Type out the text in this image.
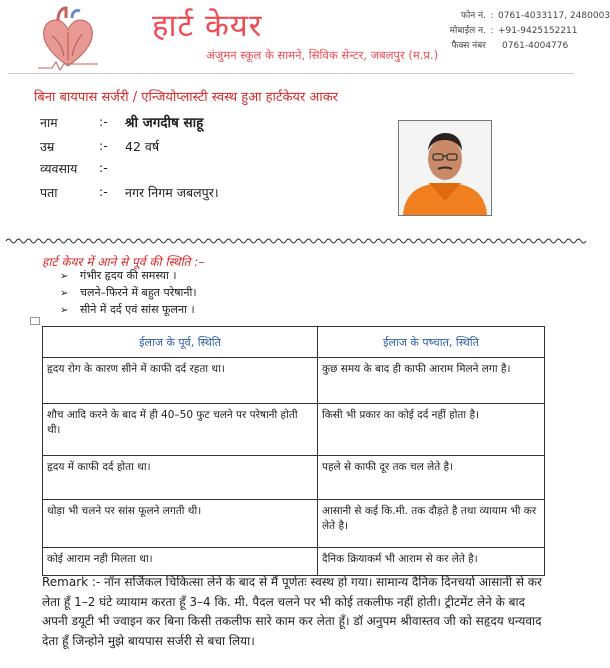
हार्ट केयर
अंजुमन स्कूल के सामने, सिविक सेन्टर, जबलपुर (म.प्र.)
फोन नं. : 0761-4033117, 2480003
मोबाईल न. : +91-9425152211
फैक्स नंबर 0761-4004776
बिना बायपास सर्जरी / एन्जियोप्लास्टी स्वस्थ हुआ हार्टकेयर आकर
नाम	:- श्री जगदीष साहू
उम्र	:- 42 वर्ष
व्यवसाय :-
पता	:- नगर निगम जबलपुर।
हार्ट केयर में आने से पूर्व की स्थिति :–
➢ गंभीर हृदय की समस्या ।
➢ चलने–फिरने में बहुत परेषानी।
➢ सीने में दर्द एवं सांस फूलना ।
ईलाज के पूर्व, स्थिति	ईलाज के पष्चात, स्थिति
हृदय रोग के कारण सीने में काफी दर्द रहता था।	कुछ समय के बाद ही काफी आराम मिलने लगा है।
शौच आदि करने के बाद में ही 40–50 फुट चलने पर परेषानी होती थी।	किसी भी प्रकार का कोई दर्द नहीं होता है।
हृदय में काफी दर्द होता था।	पहले से काफी दूर तक चल लेते है।
थोड़ा भी चलने पर सांस फूलने लगती थी।	आसानी से कई कि.मी. तक दौड़ते है तथा व्यायाम भी कर लेते है।
कोई आराम नही मिलता था।	दैनिक क्रियाकर्म भी आराम से कर लेते है।
Remark :- नॉन सर्जिकल चिकित्सा लेने के बाद से मैं पूर्णतः स्वस्थ हो गया। सामान्य दैनिक दिनचर्या आसानी से कर लेता हूँ 1–2 घंटे व्यायाम करता हूँ 3–4 कि. मी. पैदल चलने पर भी कोई तकलीफ नहीं होती। ट्रीटमेंट लेने के बाद अपनी डयूटी भी ज्वाइन कर बिना किसी तकलीफ सारे काम कर लेता हूँ। डॉ अनुपम श्रीवास्तव जी को सहृदय धन्यवाद देता हूँ जिन्होने मुझे बायपास सर्जरी से बचा लिया।
